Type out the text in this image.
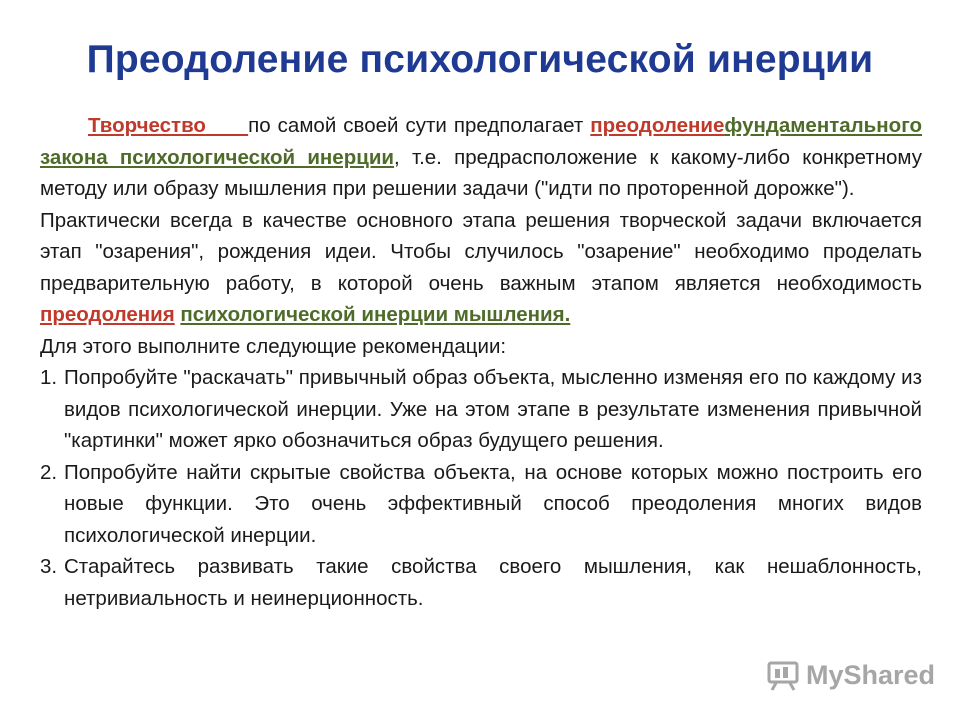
Преодоление психологической инерции

Творчество по самой своей сути предполагает преодолениефундаментального закона психологической инерции, т.е. предрасположение к какому-либо конкретному методу или образу мышления при решении задачи ("идти по проторенной дорожке").

Практически всегда в качестве основного этапа решения творческой задачи включается этап "озарения", рождения идеи. Чтобы случилось "озарение" необходимо проделать предварительную работу, в которой очень важным этапом является необходимость преодоления психологической инерции мышления.

Для этого выполните следующие рекомендации:

1. Попробуйте "раскачать" привычный образ объекта, мысленно изменяя его по каждому из видов психологической инерции. Уже на этом этапе в результате изменения привычной "картинки" может ярко обозначиться образ будущего решения.
2. Попробуйте найти скрытые свойства объекта, на основе которых можно построить его новые функции. Это очень эффективный способ преодоления многих видов психологической инерции.
3. Старайтесь развивать такие свойства своего мышления, как нешаблонность, нетривиальность и неинерционность.
MyShared
